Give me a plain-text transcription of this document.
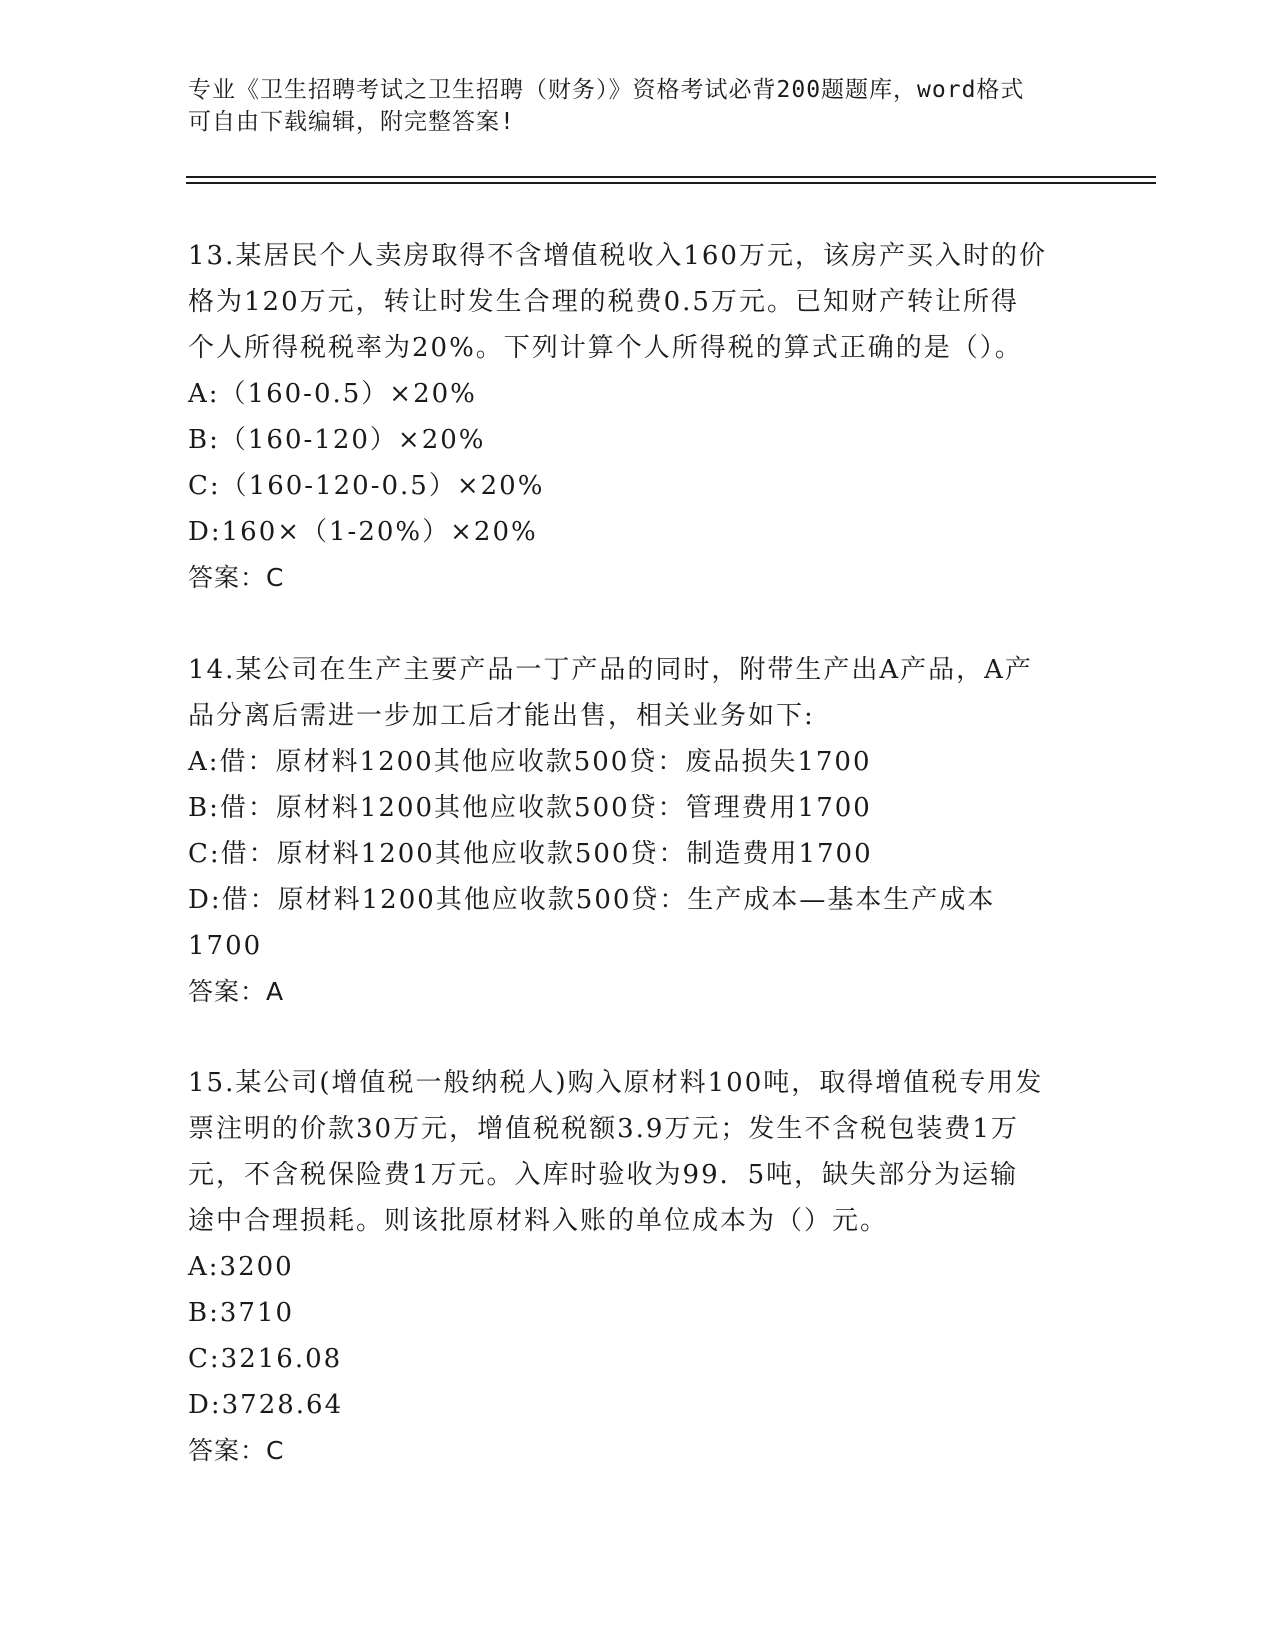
专业《卫生招聘考试之卫生招聘（财务）》资格考试必背200题题库，word格式
可自由下载编辑，附完整答案!
13.某居民个人卖房取得不含增值税收入160万元，该房产买入时的价
格为120万元，转让时发生合理的税费0.5万元。已知财产转让所得
个人所得税税率为20%。下列计算个人所得税的算式正确的是（）。
A:（160-0.5）×20%
B:（160-120）×20%
C:（160-120-0.5）×20%
D:160×（1-20%）×20%
答案：C
14.某公司在生产主要产品一丁产品的同时，附带生产出A产品，A产
品分离后需进一步加工后才能出售，相关业务如下:
A:借：原材料1200其他应收款500贷：废品损失1700
B:借：原材料1200其他应收款500贷：管理费用1700
C:借：原材料1200其他应收款500贷：制造费用1700
D:借：原材料1200其他应收款500贷：生产成本—基本生产成本
1700
答案：A
15.某公司(增值税一般纳税人)购入原材料100吨，取得增值税专用发
票注明的价款30万元，增值税税额3.9万元；发生不含税包装费1万
元，不含税保险费1万元。入库时验收为99．5吨，缺失部分为运输
途中合理损耗。则该批原材料入账的单位成本为（）元。
A:3200
B:3710
C:3216.08
D:3728.64
答案：C
